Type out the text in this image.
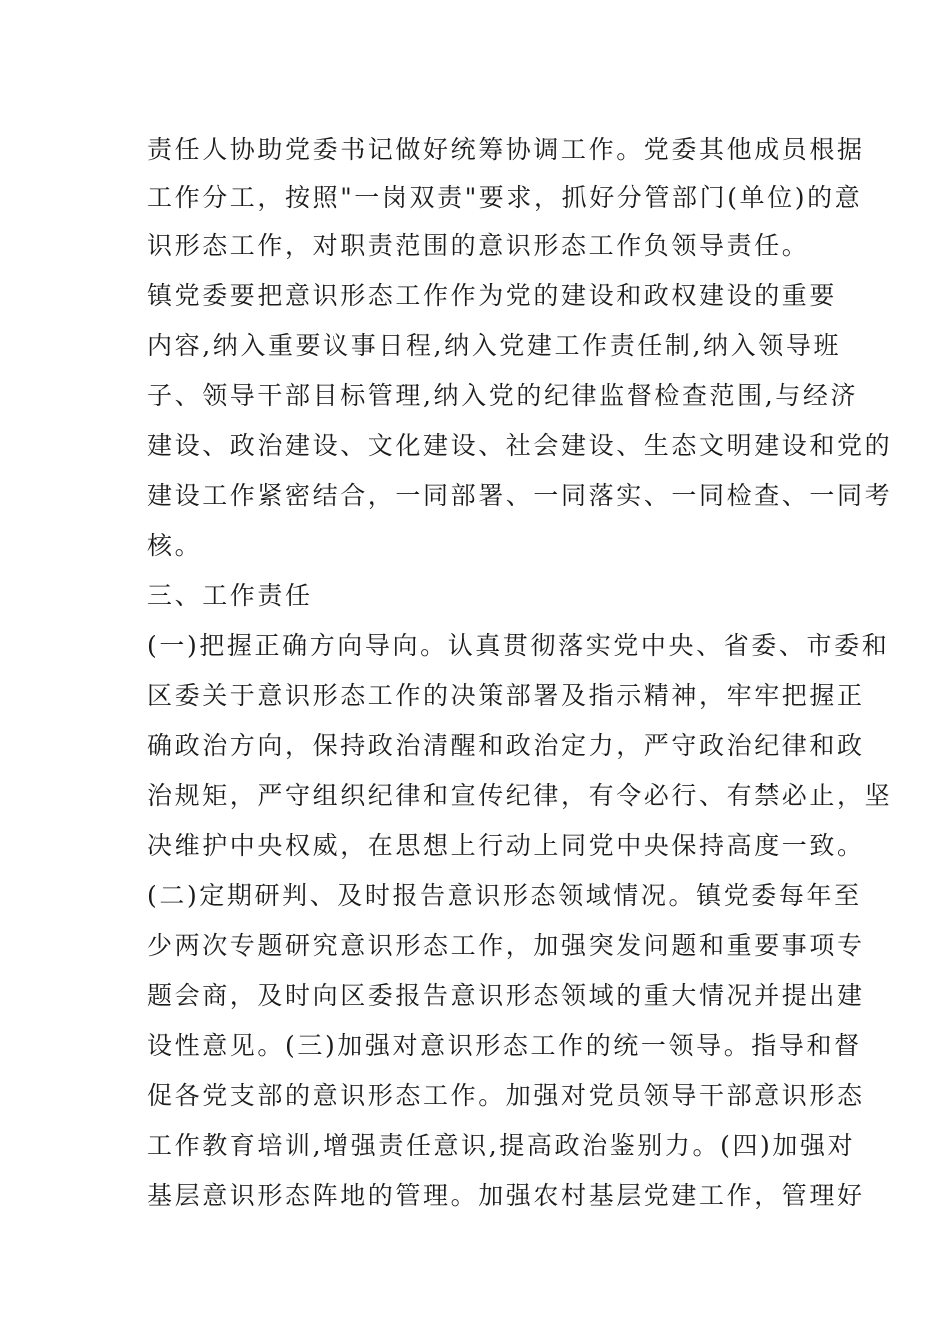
责任人协助党委书记做好统筹协调工作。党委其他成员根据
工作分工，按照"一岗双责"要求，抓好分管部门(单位)的意
识形态工作，对职责范围的意识形态工作负领导责任。
镇党委要把意识形态工作作为党的建设和政权建设的重要
内容,纳入重要议事日程,纳入党建工作责任制,纳入领导班
子、领导干部目标管理,纳入党的纪律监督检查范围,与经济
建设、政治建设、文化建设、社会建设、生态文明建设和党的
建设工作紧密结合，一同部署、一同落实、一同检查、一同考
核。
三、工作责任
(一)把握正确方向导向。认真贯彻落实党中央、省委、市委和
区委关于意识形态工作的决策部署及指示精神，牢牢把握正
确政治方向，保持政治清醒和政治定力，严守政治纪律和政
治规矩，严守组织纪律和宣传纪律，有令必行、有禁必止，坚
决维护中央权威，在思想上行动上同党中央保持高度一致。
(二)定期研判、及时报告意识形态领域情况。镇党委每年至
少两次专题研究意识形态工作，加强突发问题和重要事项专
题会商，及时向区委报告意识形态领域的重大情况并提出建
设性意见。(三)加强对意识形态工作的统一领导。指导和督
促各党支部的意识形态工作。加强对党员领导干部意识形态
工作教育培训,增强责任意识,提高政治鉴别力。(四)加强对
基层意识形态阵地的管理。加强农村基层党建工作，管理好
